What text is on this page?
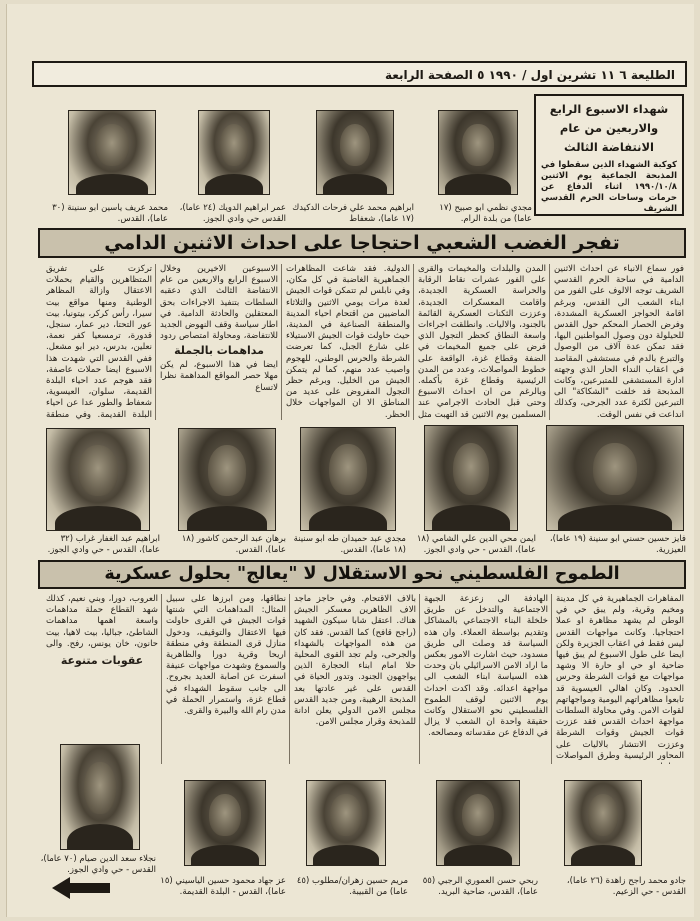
الطليعة ٦ ١١ تشرين اول / ١٩٩٠ ٥ الصفحة الرابعة
شهداء الاسبوع الرابع والاربعين من عام الانتفاضة الثالث
كوكبة الشهداء الذين سقطوا في المذبحة الجماعية يوم الاثنين ١٩٩٠/١٠/٨ اثناء الدفاع عن حرمات وساحات الحرم القدسي الشريف
مجدي نظمي ابو صبيح (١٧ عاما) من بلدة الرام.
ابراهيم محمد علي فرحات الدكيدك (١٧ عاما)، شعفاط
عمر ابراهيم الدويك (٢٤ عاما)، القدس حي وادي الجوز.
محمد عريف ياسين ابو سنينة (٣٠ عاما)، القدس.
تفجر الغضب الشعبي احتجاجا على احداث الاثنين الدامي
فور سماع الانباء عن احداث الاثنين الدامية في ساحة الحرم القدسي الشريف توجه الالوف على الفور من ابناء الشعب الى القدس، وبرغم اقامة الحواجز العسكرية المشددة، وفرض الحصار المحكم حول القدس للحيلولة دون وصول المواطنين اليها، فقد تمكن عدة آلاف من الوصول والتبرع بالدم في مستشفى المقاصد في اعقاب النداء الحار الذي وجهته ادارة المستشفى للمتبرعين، وكانت المذبحة قد خلفت "الشكاكة" الى التبرعين لكثرة عدد الجرحى، وكذلك انداعت في نفس الوقت.
المدن والبلدات والمخيمات والقرى على الفور عشرات نقاط الرقابة والحراسة العسكرية الجديدة، واقامت المعسكرات الجديدة، وعززت الثكنات العسكرية القائمة بالجنود، والاليات. وانطلقت اجراءات واسعة النطاق كحظر التجول الذي فرض على جميع المخيمات في الضفة وقطاع غزة، الواقعة على خطوط المواصلات، وعدد من المدن الرئيسية وقطاع غزة بأكمله. وبالرغم من ان احداث الاسبوع وحتى قبل الحادث الاجرامي عند المسلمين يوم الاثنين قد التهبت مثل
الدولية. فقد شاعت المظاهرات الجماهيرية الغاضبة في كل مكان، وفي نابلس لم تتمكن قوات الجيش لعدة مرات يومي الاثنين والثلاثاء الماضيين من اقتحام احياء المدينة والمنطقة الصناعية في المدينة، حيث حاولت قوات الجيش الاستيلاء على شارع الجبل، كما تعرضت الشرطة والحرس الوطني، للهجوم واصيب عدد منهم، كما لم يتمكن الجيش من الخليل. وبرغم حظر التجول المفروض على عديد من المناطق الا ان المواجهات خلال الحظر.
الاسبوعين الاخيرين وخلال الاسبوع الرابع والاربعين من عام الانتفاضة الثالث الذي دعقبه السلطات بتنفيذ الاجراءات بحق المعتقلين والحادثة الدامية. في اطار سياسة وقف النهوض الجديد للانتفاضة، ومحاولة امتصاص ردود
مداهمات بالجملة
ايضا في هذا الاسبوع، لم يكن مهلا حصر المواقع المداهمة نظرا لاتساع
تركزت على تفريق المتظاهرين والقيام بحملات الاعتقال وازالة المظاهر الوطنية ومنها مواقع بيت سيرا، رأس كركر، بيتونيا، بيت عور التحتا، دير عمار، سنجل، قدورة، ترمسعيا كفر نعمة، نعلين، بدرس، دير ابو مشعل. ففي القدس التي شهدت هذا الاسبوع ايضا حملات عاصفة، فقد هوجم عدد احياء البلدة القديمة، سلوان، العيسوية، شعفاط والطور عدا عن احياء البلدة القديمة. وفي منطقة
فايز حسين حسني ابو سنينة (١٩ عاما)، العيزرية.
ايمن محي الدين علي الشامي (١٨ عاما)، القدس - حي وادي الجوز.
مجدي عبد حميدان طه ابو سنينة (١٨ عاما)، القدس.
برهان عبد الرحمن كاشور (١٨ عاما)، القدس.
ابراهيم عبد الغفار غراب (٣٢ عاما)، القدس - حي وادي الجوز.
الطموح الفلسطيني نحو الاستقلال لا "يعالج" بحلول عسكرية
المفاهرات الجماهيرية في كل مدينة ومخيم وقرية، ولم يبق حي في الوطن لم يشهد مظاهرة او عملا احتجاجيا. وكانت مواجهات القدس ليس فقط في اعقاب الجزيرة ولكن ايضا على طول الاسبوع لم يبق فيها ضاحية او حي او حارة الا وشهد مواجهات مع قوات الشرطة وحرس الحدود. وكان اهالي العيسوية قد تابعوا مظاهراتهم اليومية ومواجهاتهم لقوات الامن. وفي محاولة السلطات مواجهة احداث القدس فقد عززت قوات الجيش وقوات الشرطة وعززت الانتشار بالاليات على المحاور الرئيسية وطرق المواصلات
الهادفة الى زعزعة الجبهة الاجتماعية والتدخل عن طريق خلخلة البناء الاجتماعي بالمشاكل وتقديم بواسطة العملاء. وان هذه السياسة قد وصلت الى طريق مسدود، حيث اشارت الامور بعكس ما اراد الامن الاسرائيلي بان وحدت هذه السياسة ابناء الشعب الى مواجهة اعدائه. وقد اكدت احداث يوم الاثنين لوقف الطموح الفلسطيني نحو الاستقلال وكانت حقيقة واحدة ان الشعب لا يزال في الدفاع عن مقدساته ومصالحه.
بالاف الاقتحام. وفي حاجز ماجد الاف الظاهرين معسكر الجيش هناك. اعتقل شابا سيكون الشهيد (راجح قافح) كما القدس. فقد كان من هذه المواجهات بالشهداء والجرحى، ولم تجد القوى المحلية حلا امام ابناء الحجارة الذين يواجهون الجنود. وتدور الحياة في القدس على غير عادتها بعد المذبحة الرهيبة، ومن جديد القدس مجلس الامن الدولي يعلن ادانة للمذبحة وقرار مجلس الامن.
نطاقها، ومن ابرزها على سبيل المثال: المداهمات التي شنتها قوات الجيش في القرى حاولت فيها الاعتقال والتوقيف، ودخول منازل قرى المنطقة وفي منطقة اريحا وقرية دورا والظاهرية والسموع وشهدت مواجهات عنيفة اسفرت عن اصابة العديد بجروح. الى جانب سقوط الشهداء في قطاع غزة، واستمرار الحملة في مدن رام الله والبيرة والقرى.
العروب، دورا، وبني نعيم، كذلك شهد القطاع حملة مداهمات واسعة اهمها مداهمات الشاطئ، جباليا، بيت لاهيا، بيت حانون، خان يونس، رفح. والى
عقوبات متنوعة
جادو محمد راجح زاهدة (٢٦ عاما)، القدس - حي الزعيم.
ربحي حسن العموري الرجبي (٥٥ عاما)، القدس، ضاحية البريد.
مريم حسين زهران/مطلوب (٤٥ عاما) من القبيبة.
عز جهاد محمود حسين الياسيني (١٥ عاما)، القدس - البلدة القديمة.
نجلاء سعد الدين صيام (٧٠ عاما)، القدس - حي وادي الجوز.
